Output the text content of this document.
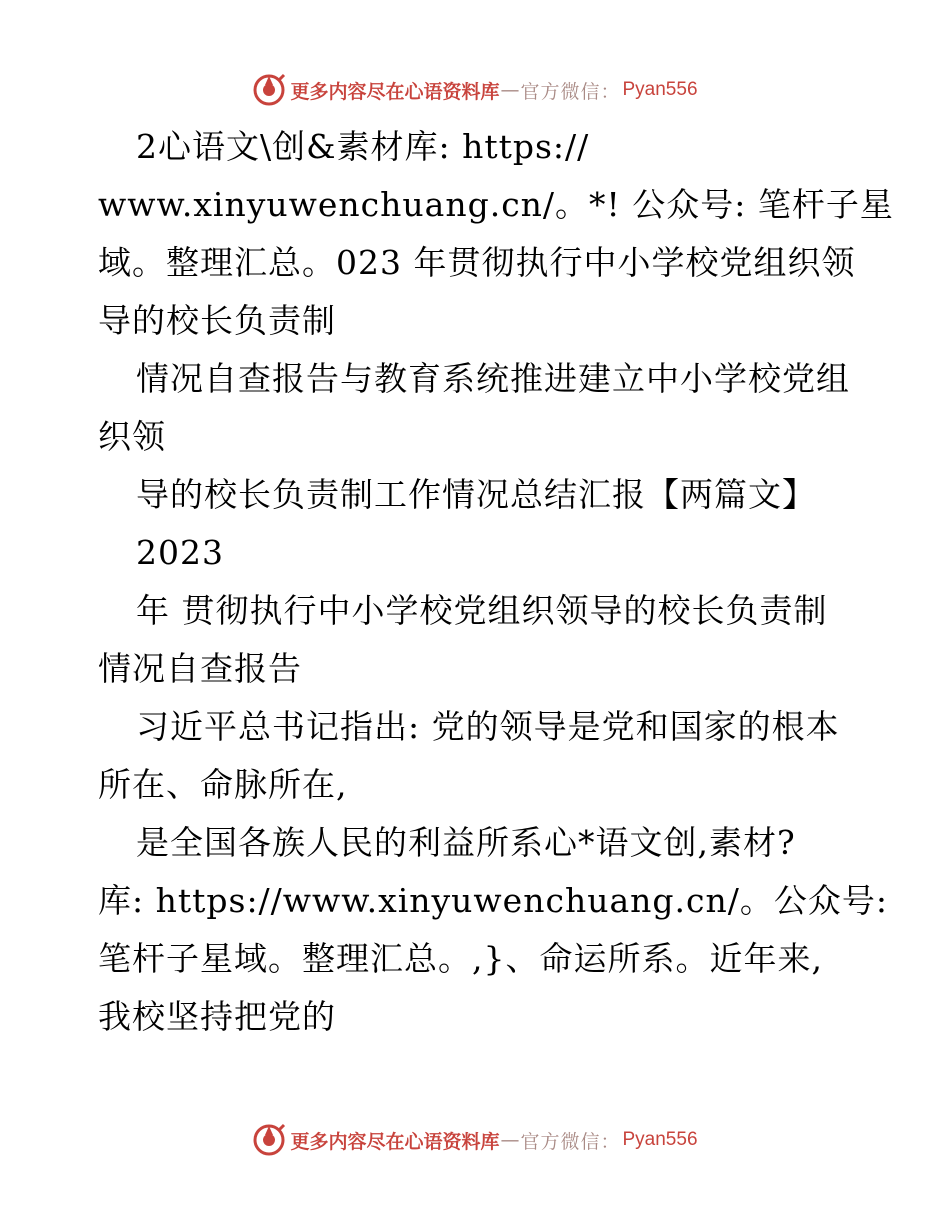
更多内容尽在心语资料库 — 官方微信： Pyan556
2心语文\创&素材库: https://
www.xinyuwenchuang.cn/。*! 公众号: 笔杆子星
域。整理汇总。023 年贯彻执行中小学校党组织领
导的校长负责制
情况自查报告与教育系统推进建立中小学校党组
织领
导的校长负责制工作情况总结汇报【两篇文】
2023
年 贯彻执行中小学校党组织领导的校长负责制
情况自查报告
习近平总书记指出: 党的领导是党和国家的根本
所在、命脉所在,
是全国各族人民的利益所系心*语文创,素材?
库: https://www.xinyuwenchuang.cn/。公众号:
笔杆子星域。整理汇总。,}、命运所系。近年来,
我校坚持把党的
更多内容尽在心语资料库 — 官方微信： Pyan556
